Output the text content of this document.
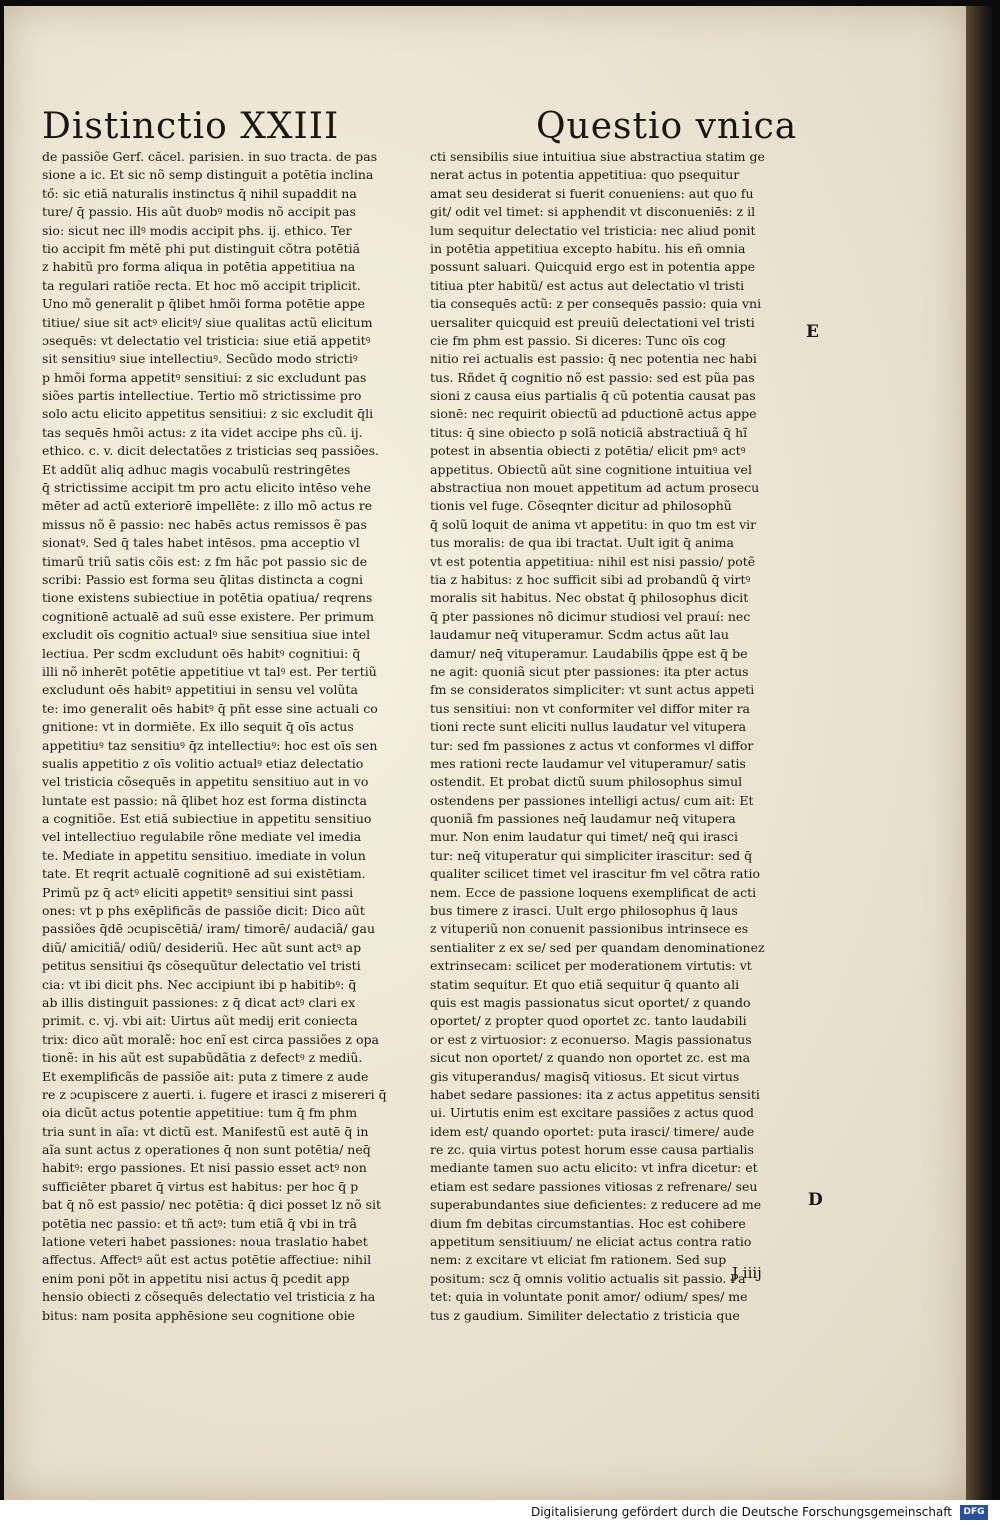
Distinctio XXIII	Questio vnica
de passiõe Gerf. căcel. parisien. in suo tracta. de pas
sione a ic. Et sic nõ semp distinguit a potētia inclina
tő: sic etiă naturalis instinctus q̄ nihil supaddit na
ture/ q̄ passio. His aũt duobꝰ modis nõ accipit pas
sio: sicut nec illꝰ modis accipit phs. ij. ethico. Ter
tio accipit fm mĕtĕ phi put distinguit cõtra potētiă
z habitũ pro forma aliqua in potētia appetitiua na
ta regulari ratiõe recta. Et hoc mõ accipit triplicit.
Uno mõ generalit p q̄libet hmõi forma potētie appe
titiue/ siue sit actꝰ elicitꝰ/ siue qualitas actũ elicitum
ɔsequēs: vt delectatio vel tristicia: siue etiă appetitꝰ
sit sensitiuꝰ siue intellectiuꝰ. Secũdo modo strictiꝰ
p hmõi forma appetitꝰ sensitiui: z sic excludunt pas
siões partis intellectiue. Tertio mõ strictissime pro
solo actu elicito appetitus sensitiui: z sic excludit q̄li
tas sequēs hmõi actus: z ita videt accipe phs cũ. ij.
ethico. c. v. dicit delectatões z tristicias seq passiões.
Et addũt aliq adhuc magis vocabulũ restringētes
q̄ strictissime accipit tm pro actu elicito intēso vehe
mēter ad actũ exteriorē impellēte: z illo mõ actus re
missus nõ ẽ passio: nec habēs actus remissos ẽ pas
sionatꝰ. Sed q̄ tales habet intēsos. pma acceptio vl
timarũ triũ satis cõis est: z fm hãc pot passio sic de
scribi: Passio est forma seu q̄litas distincta a cogni
tione existens subiectiue in potētia opatiua/ reqrens
cognitionē actualē ad suũ esse existere. Per primum
excludit oīs cognitio actualꝰ siue sensitiua siue intel
lectiua. Per scdm excludunt oēs habitꝰ cognitiui: q̄
illi nõ inherēt potētie appetitiue vt talꝰ est. Per tertiũ
excludunt oēs habitꝰ appetitiui in sensu vel volũta
te: imo generalit oēs habitꝰ q̄ pñt esse sine actuali co
gnitione: vt in dormiēte. Ex illo sequit q̄ oīs actus
appetitiuꝰ taz sensitiuꝰ q̄z intellectiuꝰ: hoc est oīs sen
sualis appetitio z oīs volitio actualꝰ etiaz delectatio
vel tristicia cõsequēs in appetitu sensitiuo aut in vo
luntate est passio: nã q̄libet hoz est forma distincta
a cognitiõe. Est etiă subiectiue in appetitu sensitiuo
vel intellectiuo regulabile rõne mediate vel imedia
te. Mediate in appetitu sensitiuo. imediate in volun
tate. Et reqrit actualē cognitionē ad sui existētiam.
Primũ pz q̄ actꝰ eliciti appetitꝰ sensitiui sint passi
ones: vt p phs exēplificãs de passiõe dicit: Dico aũt
passiões q̄dē ɔcupiscētiă/ iram/ timorē/ audaciã/ gau
diũ/ amicitiã/ odiũ/ desideriũ. Hec aũt sunt actꝰ ap
petitus sensitiui q̄s cõsequũtur delectatio vel tristi
cia: vt ibi dicit phs. Nec accipiunt ibi p habitibꝰ: q̄
ab illis distinguit passiones: z q̄ dicat actꝰ clari ex
primit. c. vj. vbi ait: Uirtus aũt medij erit coniecta
trix: dico aũt moralẽ: hoc enĩ est circa passiões z opa
tionẽ: in his aũt est supabũdãtia z defectꝰ z mediũ.
Et exemplificãs de passiõe ait: puta z timere z aude
re z ɔcupiscere z auerti. i. fugere et irasci z misereri q̄
oia dicũt actus potentie appetitiue: tum q̄ fm phm
tria sunt in aĩa: vt dictũ est. Manifestũ est autē q̄ in
aĩa sunt actus z operationes q̄ non sunt potētia/ neq̄
habitꝰ: ergo passiones. Et nisi passio esset actꝰ non
sufficiēter pbaret q̄ virtus est habitus: per hoc q̄ p
bat q̄ nõ est passio/ nec potētia: q̄ dici posset lz nõ sit
potētia nec passio: et tñ actꝰ: tum etiã q̄ vbi in trã
latione veteri habet passiones: noua traslatio habet
affectus. Affectꝰ aũt est actus potētie affectiue: nihil
enim poni põt in appetitu nisi actus q̄ pcedit app
hensio obiecti z cõsequēs delectatio vel tristicia z ha
bitus: nam posita apphēsione seu cognitione obie
cti sensibilis siue intuitiua siue abstractiua statim ge
nerat actus in potentia appetitiua: quo psequitur
amat seu desiderat si fuerit conueniens: aut quo fu
git/ odit vel timet: si apphendit vt disconueniēs: z il
lum sequitur delectatio vel tristicia: nec aliud ponit
in potētia appetitiua excepto habitu. his eñ omnia
possunt saluari. Quicquid ergo est in potentia appe
titiua pter habitũ/ est actus aut delectatio vl tristi
tia consequēs actũ: z per consequēs passio: quia vni
uersaliter quicquid est preuiũ delectationi vel tristi
cie fm phm est passio. Si diceres: Tunc oīs cog
nitio rei actualis est passio: q̄ nec potentia nec habi
tus. Rñdet q̄ cognitio nõ est passio: sed est pũa pas
sioni z causa eius partialis q̄ cũ potentia causat pas
sionē: nec requirit obiectũ ad pductionē actus appe
titus: q̄ sine obiecto p solã noticiã abstractiuã q̄ hĩ
potest in absentia obiecti z potētia/ elicit pmꝰ actꝰ
appetitus. Obiectũ aũt sine cognitione intuitiua vel
abstractiua non mouet appetitum ad actum prosecu
tionis vel fuge. Cõseqnter dicitur ad philosophũ
q̄ solũ loquit de anima vt appetitu: in quo tm est vir
tus moralis: de qua ibi tractat. Uult igit q̄ anima
vt est potentia appetitiua: nihil est nisi passio/ potẽ
tia z habitus: z hoc sufficit sibi ad probandũ q̄ virtꝰ
moralis sit habitus. Nec obstat q̄ philosophus dicit
q̄ pter passiones nõ dicimur studiosi vel prauí: nec
laudamur neq̄ vituperamur. Scdm actus aũt lau
damur/ neq̄ vituperamur. Laudabilis q̄ppe est q̄ be
ne agit: quoniã sicut pter passiones: ita pter actus
fm se consideratos simpliciter: vt sunt actus appeti
tus sensitiui: non vt conformiter vel diffor miter ra
tioni recte sunt eliciti nullus laudatur vel vitupera
tur: sed fm passiones z actus vt conformes vl diffor
mes rationi recte laudamur vel vituperamur/ satis
ostendit. Et probat dictũ suum philosophus simul
ostendens per passiones intelligi actus/ cum ait: Et
quoniã fm passiones neq̄ laudamur neq̄ vitupera
mur. Non enim laudatur qui timet/ neq̄ qui irasci
tur: neq̄ vituperatur qui simpliciter irascitur: sed q̄
qualiter scilicet timet vel irascitur fm vel cõtra ratio
nem. Ecce de passione loquens exemplificat de acti
bus timere z irasci. Uult ergo philosophus q̄ laus
z vituperiũ non conuenit passionibus intrinsece es
sentialiter z ex se/ sed per quandam denominationez
extrinsecam: scilicet per moderationem virtutis: vt
statim sequitur. Et quo etiã sequitur q̄ quanto ali
quis est magis passionatus sicut oportet/ z quando
oportet/ z propter quod oportet zc. tanto laudabili
or est z virtuosior: z econuerso. Magis passionatus
sicut non oportet/ z quando non oportet zc. est ma
gis vituperandus/ magisq̄ vitiosus. Et sicut virtus
habet sedare passiones: ita z actus appetitus sensiti
ui. Uirtutis enim est excitare passiões z actus quod
idem est/ quando oportet: puta irasci/ timere/ aude
re zc. quia virtus potest horum esse causa partialis
mediante tamen suo actu elicito: vt infra dicetur: et
etiam est sedare passiones vitiosas z refrenare/ seu
superabundantes siue deficientes: z reducere ad me
dium fm debitas circumstantias. Hoc est cohibere
appetitum sensitiuum/ ne eliciat actus contra ratio
nem: z excitare vt eliciat fm rationem. Sed sup
positum: scz q̄ omnis volitio actualis sit passio. Pa
tet: quia in voluntate ponit amor/ odium/ spes/ me
tus z gaudium. Similiter delectatio z tristicia que
E
D
J iiij
Digitalisierung gefördert durch die Deutsche Forschungsgemeinschaft	DFG
